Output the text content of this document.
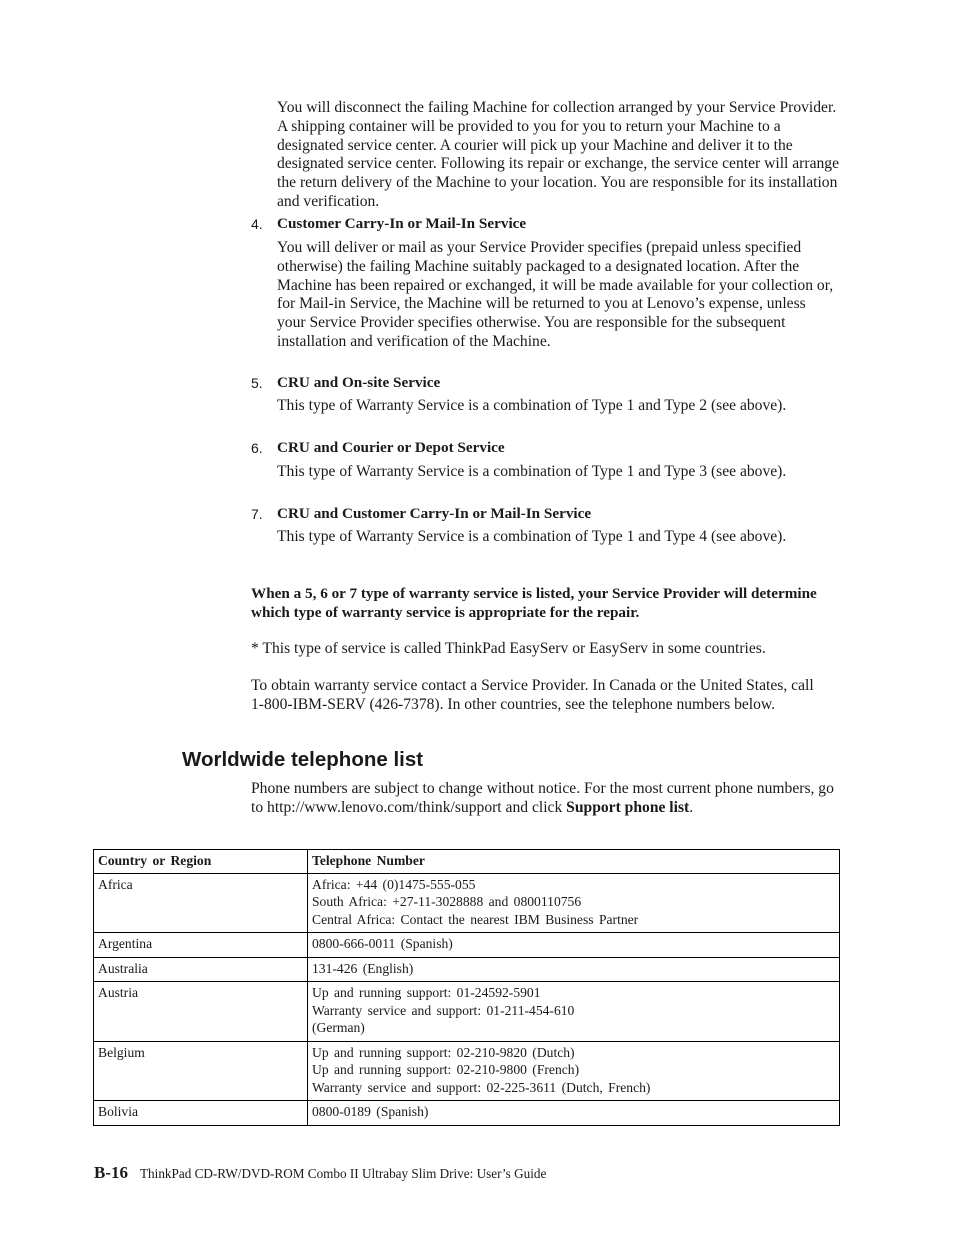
You will disconnect the failing Machine for collection arranged by your Service Provider. A shipping container will be provided to you for you to return your Machine to a designated service center. A courier will pick up your Machine and deliver it to the designated service center. Following its repair or exchange, the service center will arrange the return delivery of the Machine to your location. You are responsible for its installation and verification.

4. Customer Carry-In or Mail-In Service

You will deliver or mail as your Service Provider specifies (prepaid unless specified otherwise) the failing Machine suitably packaged to a designated location. After the Machine has been repaired or exchanged, it will be made available for your collection or, for Mail-in Service, the Machine will be returned to you at Lenovo’s expense, unless your Service Provider specifies otherwise. You are responsible for the subsequent installation and verification of the Machine.

5. CRU and On-site Service

This type of Warranty Service is a combination of Type 1 and Type 2 (see above).

6. CRU and Courier or Depot Service

This type of Warranty Service is a combination of Type 1 and Type 3 (see above).

7. CRU and Customer Carry-In or Mail-In Service

This type of Warranty Service is a combination of Type 1 and Type 4 (see above).

When a 5, 6 or 7 type of warranty service is listed, your Service Provider will determine which type of warranty service is appropriate for the repair.

* This type of service is called ThinkPad EasyServ or EasyServ in some countries.

To obtain warranty service contact a Service Provider. In Canada or the United States, call 1-800-IBM-SERV (426-7378). In other countries, see the telephone numbers below.

Worldwide telephone list

Phone numbers are subject to change without notice. For the most current phone numbers, go to http://www.lenovo.com/think/support and click Support phone list.

Country or Region	Telephone Number
Africa	Africa: +44 (0)1475-555-055
South Africa: +27-11-3028888 and 0800110756
Central Africa: Contact the nearest IBM Business Partner

Argentina	0800-666-0011 (Spanish)

Australia	131-426 (English)

Austria	Up and running support: 01-24592-5901
Warranty service and support: 01-211-454-610
(German)

Belgium	Up and running support: 02-210-9820 (Dutch)
Up and running support: 02-210-9800 (French)
Warranty service and support: 02-225-3611 (Dutch, French)

Bolivia	0800-0189 (Spanish)
B-16 ThinkPad CD-RW/DVD-ROM Combo II Ultrabay Slim Drive: User’s Guide
